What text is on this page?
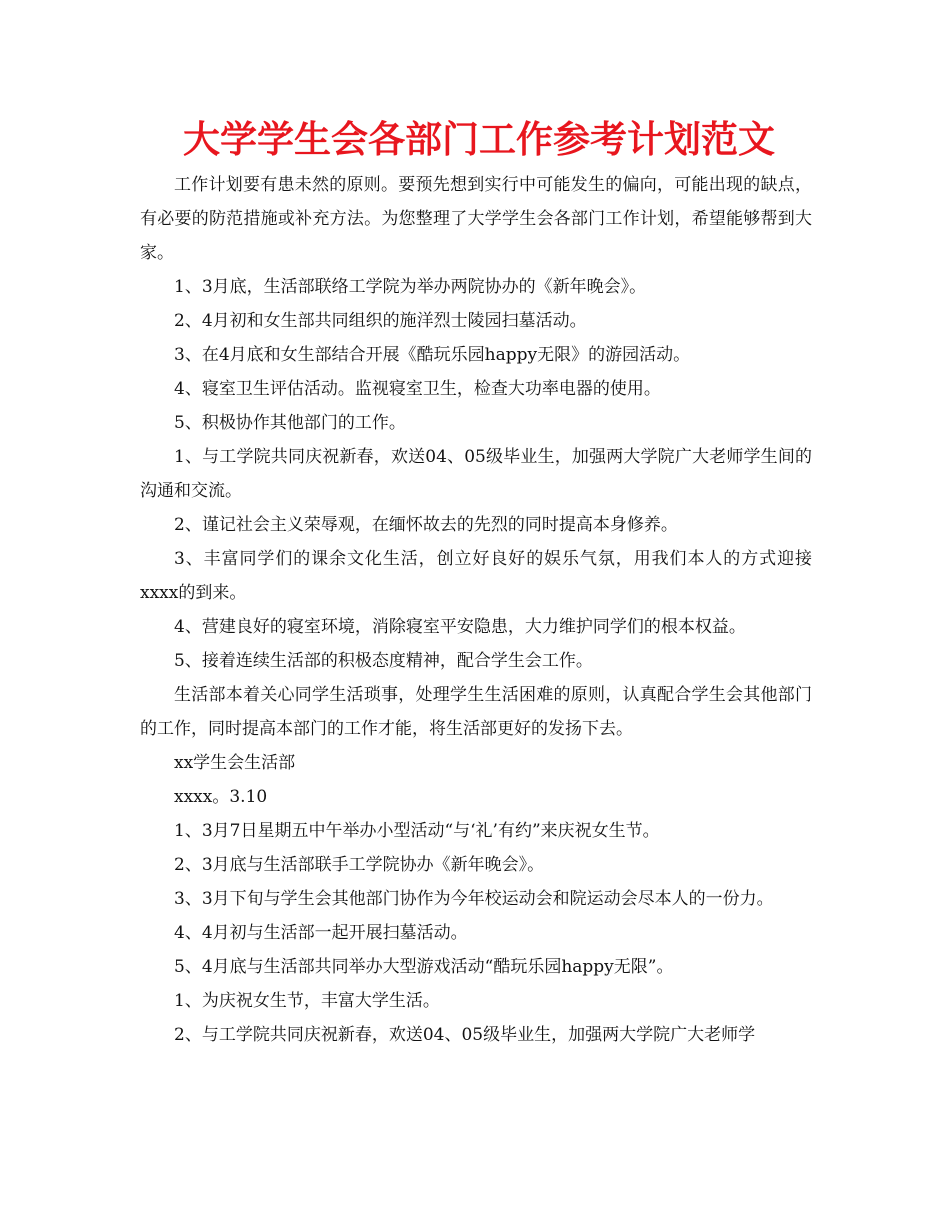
大学学生会各部门工作参考计划范文

工作计划要有患未然的原则。要预先想到实行中可能发生的偏向，可能出现的缺点，有必要的防范措施或补充方法。为您整理了大学学生会各部门工作计划，希望能够帮到大家。

1、3月底，生活部联络工学院为举办两院协办的《新年晚会》。

2、4月初和女生部共同组织的施洋烈士陵园扫墓活动。

3、在4月底和女生部结合开展《酷玩乐园happy无限》的游园活动。

4、寝室卫生评估活动。监视寝室卫生，检查大功率电器的使用。

5、积极协作其他部门的工作。

1、与工学院共同庆祝新春，欢送04、05级毕业生，加强两大学院广大老师学生间的沟通和交流。

2、谨记社会主义荣辱观，在缅怀故去的先烈的同时提高本身修养。

3、丰富同学们的课余文化生活，创立好良好的娱乐气氛，用我们本人的方式迎接xxxx的到来。

4、营建良好的寝室环境，消除寝室平安隐患，大力维护同学们的根本权益。

5、接着连续生活部的积极态度精神，配合学生会工作。

生活部本着关心同学生活琐事，处理学生生活困难的原则，认真配合学生会其他部门的工作，同时提高本部门的工作才能，将生活部更好的发扬下去。

xx学生会生活部

xxxx。3.10

1、3月7日星期五中午举办小型活动“与‘礼’有约”来庆祝女生节。

2、3月底与生活部联手工学院协办《新年晚会》。

3、3月下旬与学生会其他部门协作为今年校运动会和院运动会尽本人的一份力。

4、4月初与生活部一起开展扫墓活动。

5、4月底与生活部共同举办大型游戏活动“酷玩乐园happy无限”。

1、为庆祝女生节，丰富大学生活。

2、与工学院共同庆祝新春，欢送04、05级毕业生，加强两大学院广大老师学
